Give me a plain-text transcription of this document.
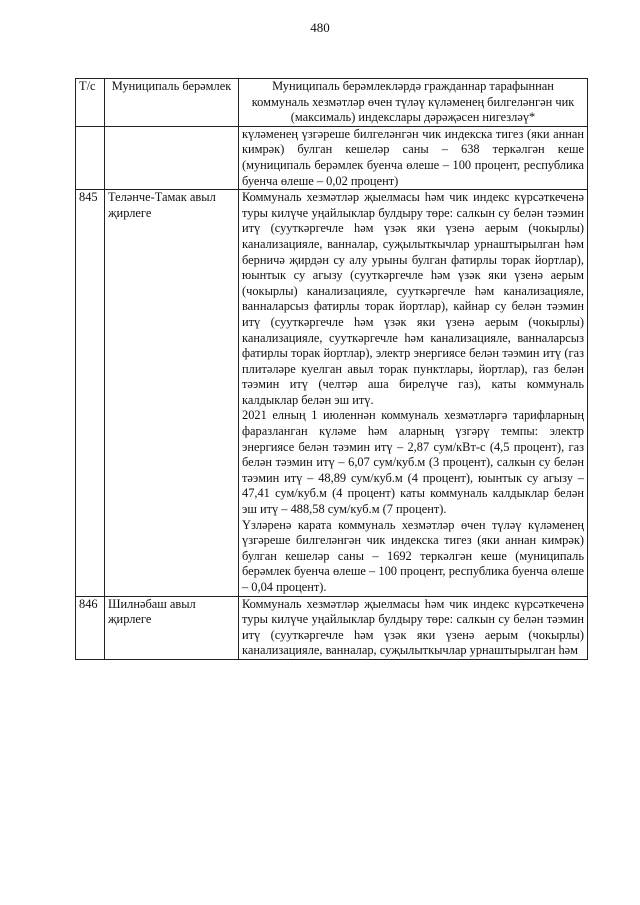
480
Т/с	Муниципаль берәмлек	Муниципаль берәмлекләрдә гражданнар тарафыннан коммуналь хезмәтләр өчен түләү күләменең билгеләнгән чик (максималь) индекслары дәрәҗәсен нигезләү*

		күләменең үзгәреше билгеләнгән чик индекска тигез (яки аннан кимрәк) булган кешеләр саны – 638 теркәлгән кеше (муниципаль берәмлек буенча өлеше – 100 процент, республика буенча өлеше – 0,02 процент)

845	Теләнче-Тамак авыл җирлеге	Коммуналь хезмәтләр җыелмасы һәм чик индекс күрсәткеченә туры килүче уңайлыклар булдыру төре: салкын су белән тәэмин итү (сууткәргечле һәм үзәк яки үзенә аерым (чокырлы) канализацияле, ванналар, суҗылыткычлар урнаштырылган һәм берничә җирдән су алу урыны булган фатирлы торак йортлар), юынтык су агызу (сууткәргечле һәм үзәк яки үзенә аерым (чокырлы) канализацияле, сууткәргечле һәм канализацияле, ванналарсыз фатирлы торак йортлар), кайнар су белән тәэмин итү (сууткәргечле һәм үзәк яки үзенә аерым (чокырлы) канализацияле, сууткәргечле һәм канализацияле, ванналарсыз фатирлы торак йортлар), электр энергиясе белән тәэмин итү (газ плитәләре куелган авыл торак пунктлары, йортлар), газ белән тәэмин итү (челтәр аша бирелүче газ), каты коммуналь калдыклар белән эш итү.

2021 елның 1 июленнән коммуналь хезмәтләргә тарифларның фаразланган күләме һәм аларның үзгәрү темпы: электр энергиясе белән тәэмин итү – 2,87 сум/кВт-с (4,5 процент), газ белән тәэмин итү – 6,07 сум/куб.м (3 процент), салкын су белән тәэмин итү – 48,89 сум/куб.м (4 процент), юынтык су агызу – 47,41 сум/куб.м (4 процент) каты коммуналь калдыклар белән эш итү – 488,58 сум/куб.м (7 процент).

Үзләренә карата коммуналь хезмәтләр өчен түләү күләменең үзгәреше билгеләнгән чик индекска тигез (яки аннан кимрәк) булган кешеләр саны – 1692 теркәлгән кеше (муниципаль берәмлек буенча өлеше – 100 процент, республика буенча өлеше – 0,04 процент).

846	Шилнәбаш авыл җирлеге	Коммуналь хезмәтләр җыелмасы һәм чик индекс күрсәткеченә туры килүче уңайлыклар булдыру төре: салкын су белән тәэмин итү (сууткәргечле һәм үзәк яки үзенә аерым (чокырлы) канализацияле, ванналар, суҗылыткычлар урнаштырылган һәм
